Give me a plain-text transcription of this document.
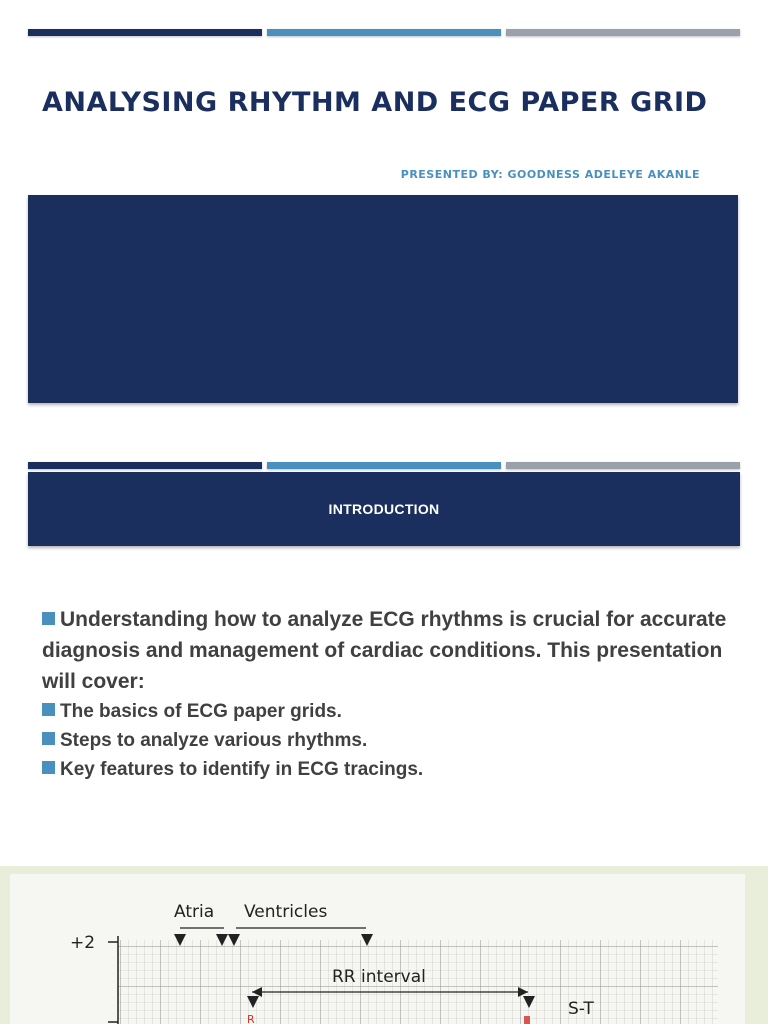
ANALYSING RHYTHM AND ECG PAPER GRID
PRESENTED BY: GOODNESS ADELEYE AKANLE
INTRODUCTION

Understanding how to analyze ECG rhythms is crucial for accurate diagnosis and management of cardiac conditions. This presentation will cover:

The basics of ECG paper grids.
Steps to analyze various rhythms.
Key features to identify in ECG tracings.
+2
Atria Ventricles
RR interval
R
S-T
